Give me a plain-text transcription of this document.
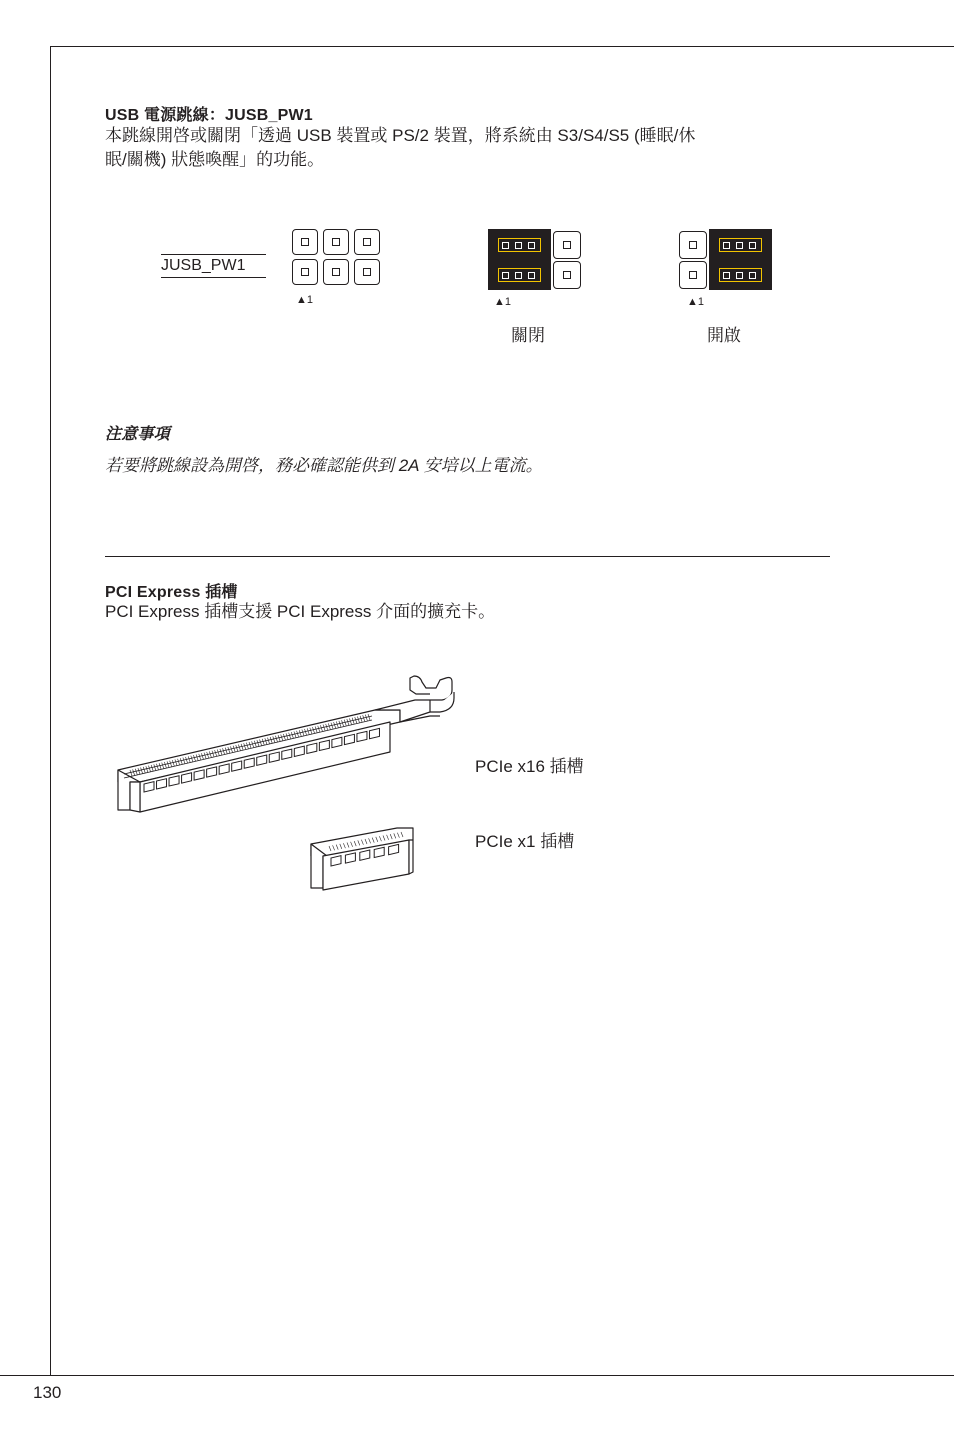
USB 電源跳線：JUSB_PW1
本跳線開啓或關閉「透過 USB 裝置或 PS/2 裝置，將系統由 S3/S4/S5 (睡眠/休
眠/關機) 狀態喚醒」的功能。
JUSB_PW1
▲1	▲1
關閉
▲1
開啟
注意事項
若要將跳線設為開啓，務必確認能供到 2A 安培以上電流。
PCI Express 插槽
PCI Express 插槽支援 PCI Express 介面的擴充卡。
PCIe x16 插槽
PCIe x1 插槽
130
